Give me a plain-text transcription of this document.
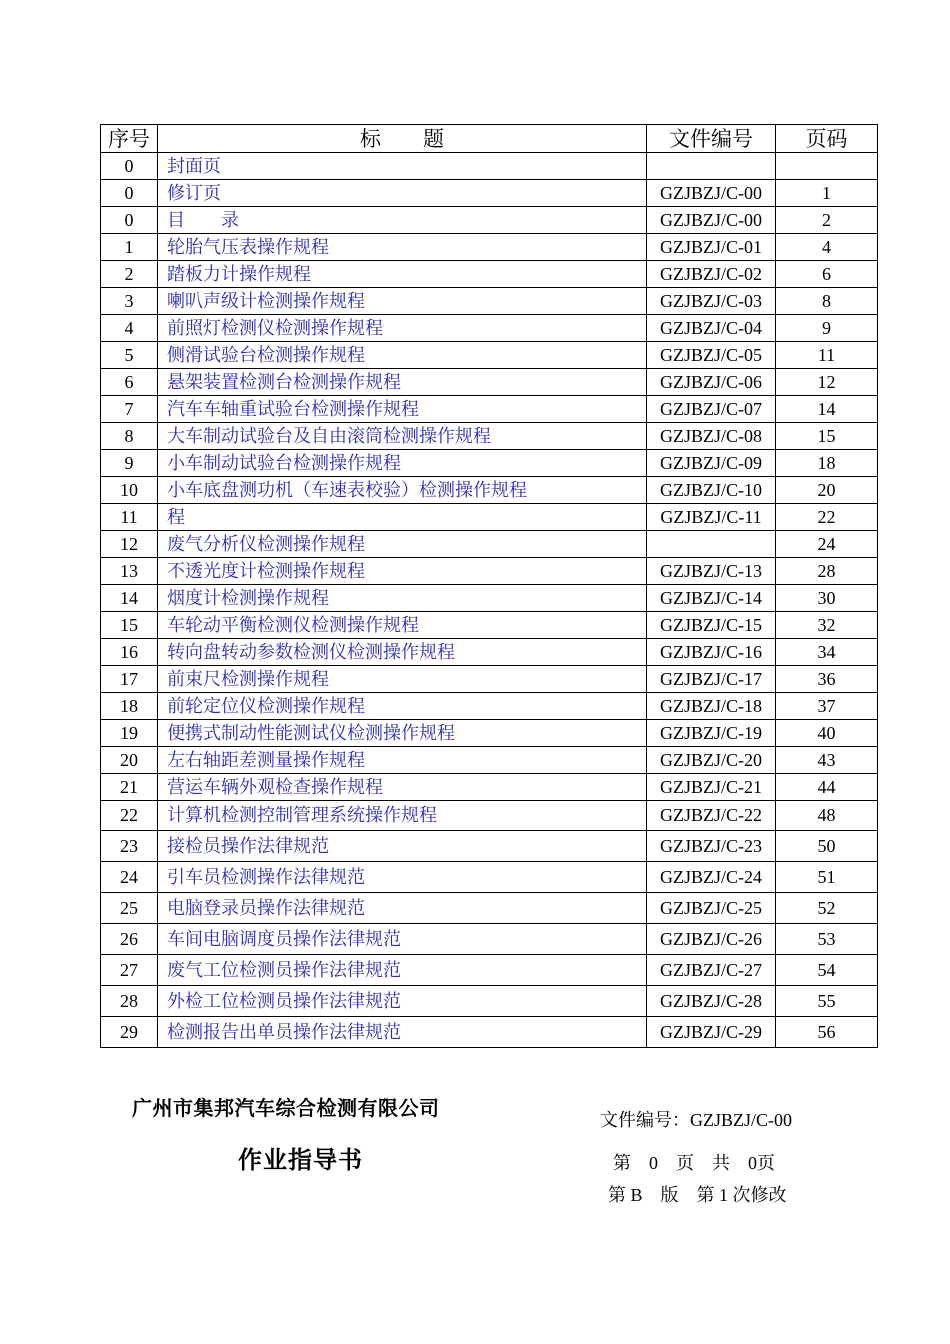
序号	标　　题	文件编号	页码
0	封面页		
0	修订页	GZJBZJ/C-00	1
0	目　　录	GZJBZJ/C-00	2
1	轮胎气压表操作规程	GZJBZJ/C-01	4
2	踏板力计操作规程	GZJBZJ/C-02	6
3	喇叭声级计检测操作规程	GZJBZJ/C-03	8
4	前照灯检测仪检测操作规程	GZJBZJ/C-04	9
5	侧滑试验台检测操作规程	GZJBZJ/C-05	11
6	悬架装置检测台检测操作规程	GZJBZJ/C-06	12
7	汽车车轴重试验台检测操作规程	GZJBZJ/C-07	14
8	大车制动试验台及自由滚筒检测操作规程	GZJBZJ/C-08	15
9	小车制动试验台检测操作规程	GZJBZJ/C-09	18
10	小车底盘测功机（车速表校验）检测操作规程	GZJBZJ/C-10	20
11	程	GZJBZJ/C-11	22
12	废气分析仪检测操作规程		24
13	不透光度计检测操作规程	GZJBZJ/C-13	28
14	烟度计检测操作规程	GZJBZJ/C-14	30
15	车轮动平衡检测仪检测操作规程	GZJBZJ/C-15	32
16	转向盘转动参数检测仪检测操作规程	GZJBZJ/C-16	34
17	前束尺检测操作规程	GZJBZJ/C-17	36
18	前轮定位仪检测操作规程	GZJBZJ/C-18	37
19	便携式制动性能测试仪检测操作规程	GZJBZJ/C-19	40
20	左右轴距差测量操作规程	GZJBZJ/C-20	43
21	营运车辆外观检查操作规程	GZJBZJ/C-21	44
22	计算机检测控制管理系统操作规程	GZJBZJ/C-22	48
23	接检员操作法律规范	GZJBZJ/C-23	50
24	引车员检测操作法律规范	GZJBZJ/C-24	51
25	电脑登录员操作法律规范	GZJBZJ/C-25	52
26	车间电脑调度员操作法律规范	GZJBZJ/C-26	53
27	废气工位检测员操作法律规范	GZJBZJ/C-27	54
28	外检工位检测员操作法律规范	GZJBZJ/C-28	55
29	检测报告出单员操作法律规范	GZJBZJ/C-29	56
广州市集邦汽车综合检测有限公司
作业指导书
文件编号：GZJBZJ/C-00
第　0　页　共　0页
第 B　版　第 1 次修改
